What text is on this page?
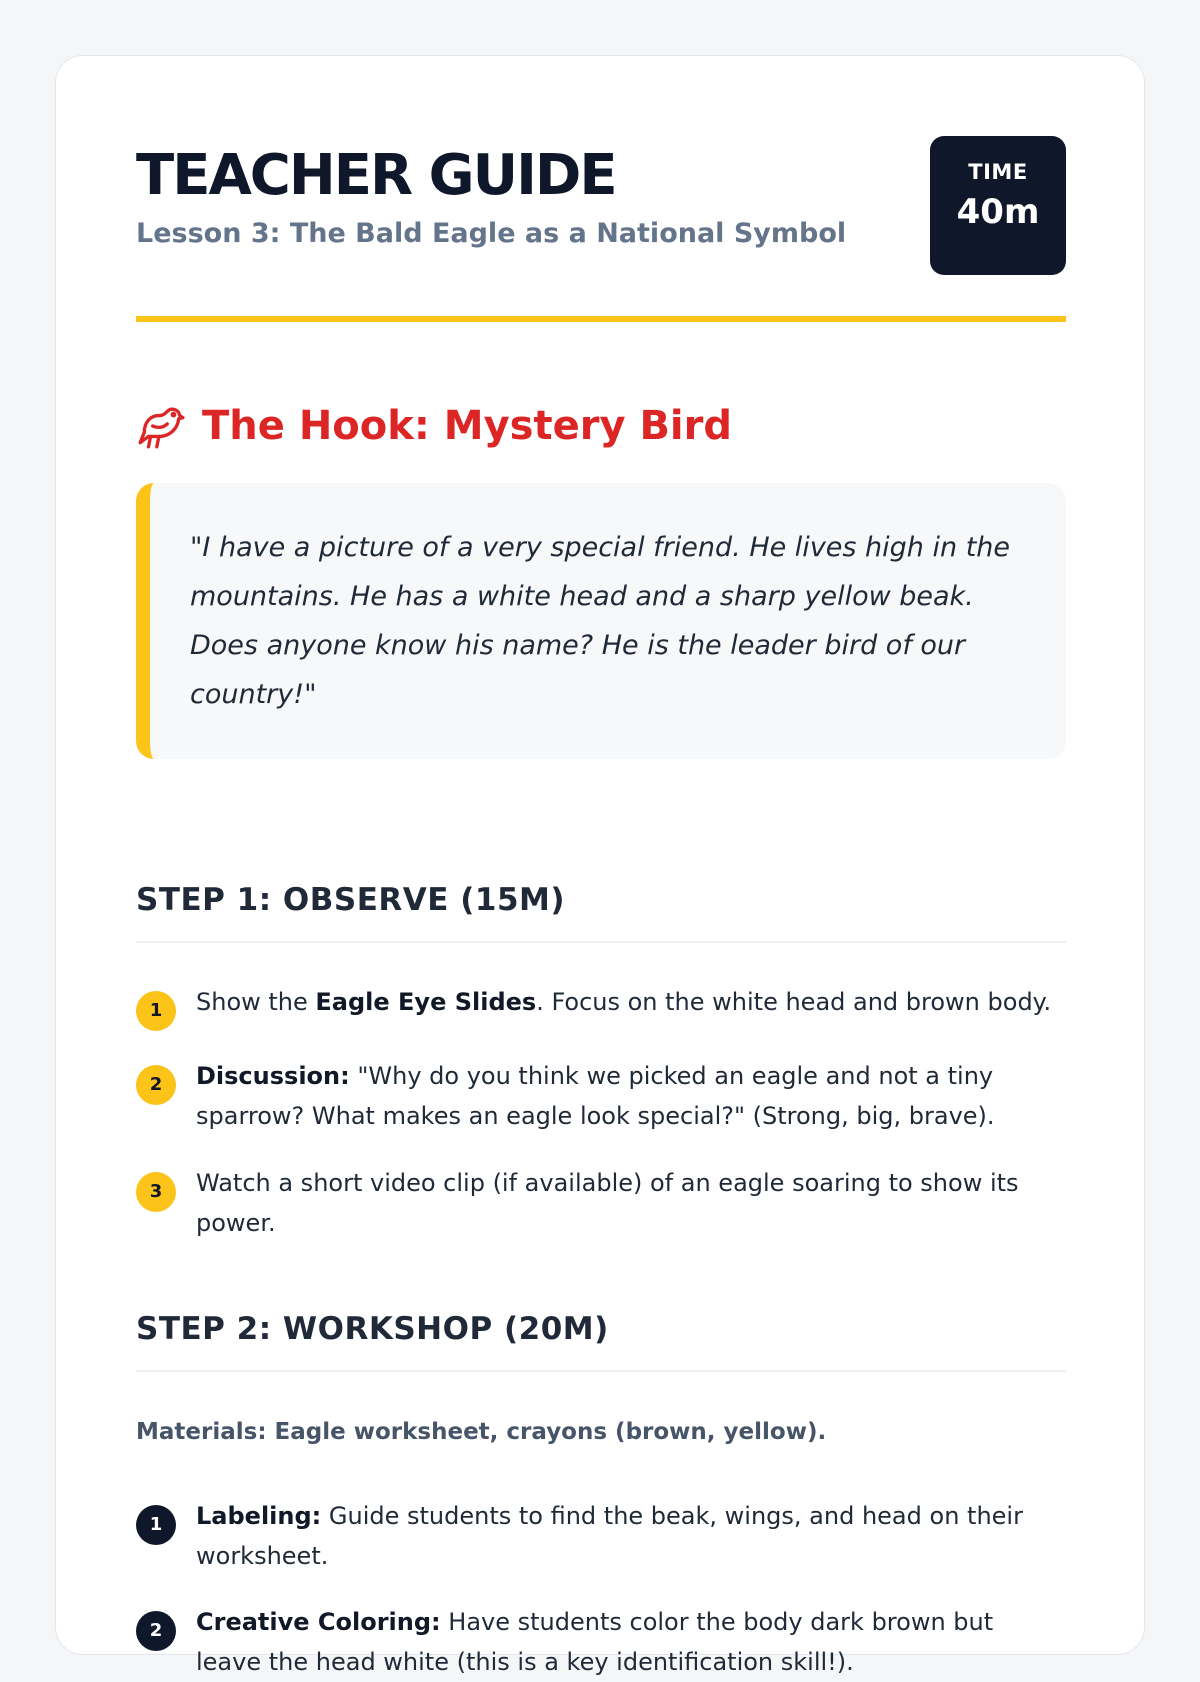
TEACHER GUIDE

Lesson 3: The Bald Eagle as a National Symbol

TIME
40m
The Hook: Mystery Bird
"I have a picture of a very special friend. He lives high in the mountains. He has a white head and a sharp yellow beak. Does anyone know his name? He is the leader bird of our country!"
STEP 1: OBSERVE (15M)
1	Show the Eagle Eye Slides. Focus on the white head and brown body.
2	Discussion: "Why do you think we picked an eagle and not a tiny sparrow? What makes an eagle look special?" (Strong, big, brave).
3	Watch a short video clip (if available) of an eagle soaring to show its power.
STEP 2: WORKSHOP (20M)
Materials: Eagle worksheet, crayons (brown, yellow).
1	Labeling: Guide students to find the beak, wings, and head on their worksheet.
2	Creative Coloring: Have students color the body dark brown but leave the head white (this is a key identification skill!).
